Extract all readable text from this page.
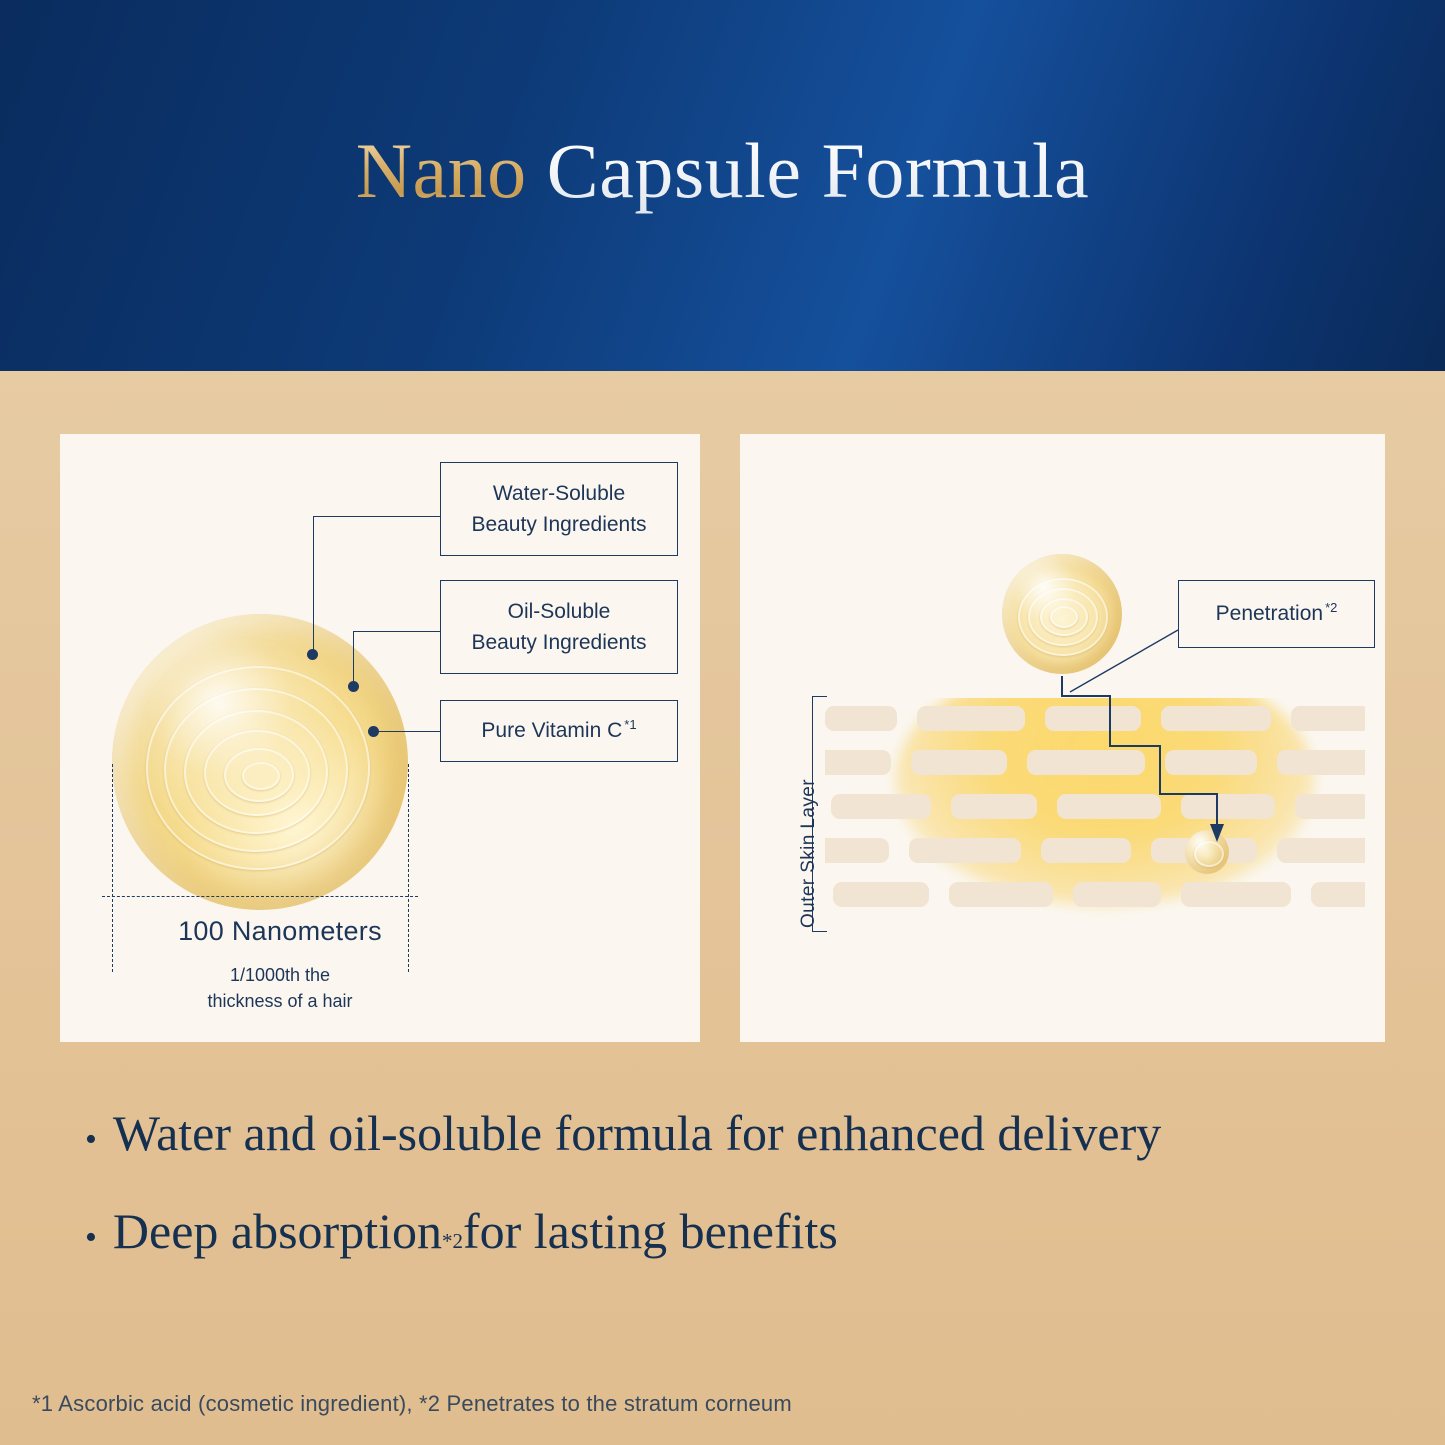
Nano Capsule Formula
Water-Soluble
Beauty Ingredients
Oil-Soluble
Beauty Ingredients
Pure Vitamin C $^{*1}$
100 Nanometers
1/1000th the
thickness of a hair
Outer Skin Layer
Penetration $^{*2}$
• Water and oil-soluble formula for enhanced delivery
• Deep absorption *2 for lasting benefits
*1 Ascorbic acid (cosmetic ingredient), *2 Penetrates to the stratum corneum
